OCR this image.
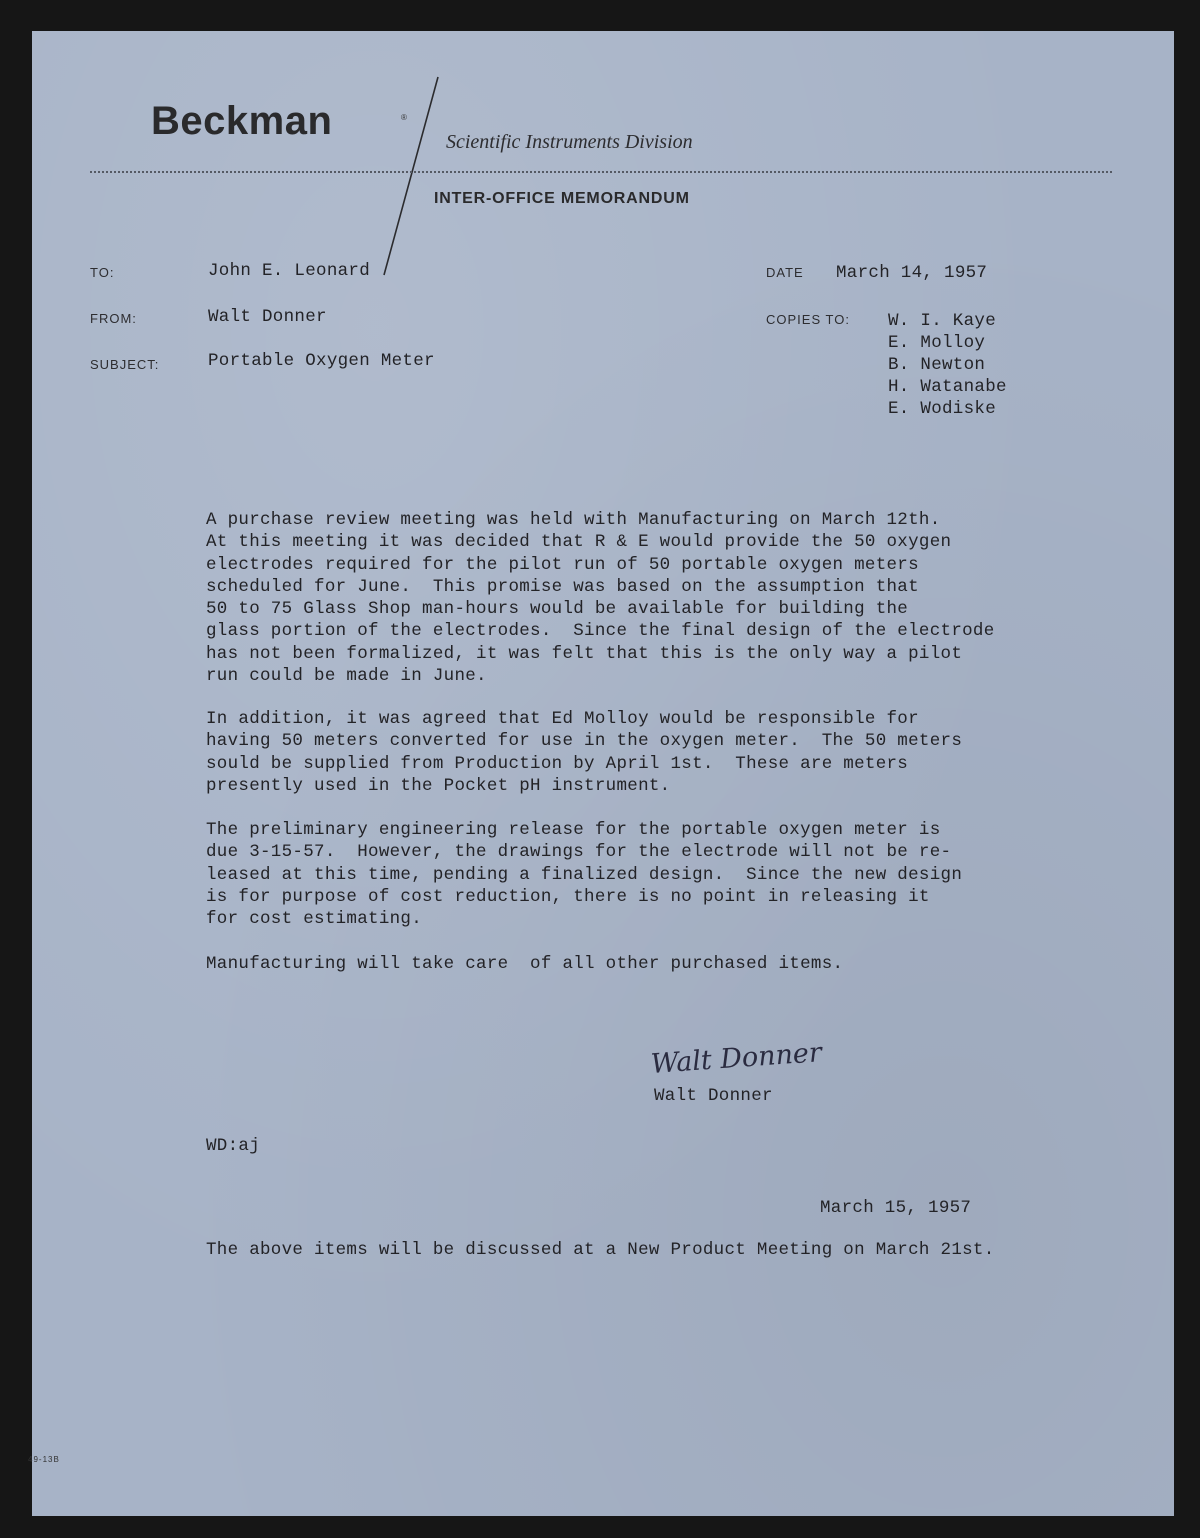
Beckman	®
Scientific Instruments Division
INTER-OFFICE MEMORANDUM
TO:	John E. Leonard
FROM:	Walt Donner
SUBJECT:	Portable Oxygen Meter
DATE March 14, 1957
COPIES TO: W. I. Kaye
E. Molloy
B. Newton
H. Watanabe
E. Wodiske
A purchase review meeting was held with Manufacturing on March 12th.
At this meeting it was decided that R & E would provide the 50 oxygen
electrodes required for the pilot run of 50 portable oxygen meters
scheduled for June.  This promise was based on the assumption that
50 to 75 Glass Shop man-hours would be available for building the
glass portion of the electrodes.  Since the final design of the electrode
has not been formalized, it was felt that this is the only way a pilot
run could be made in June.
In addition, it was agreed that Ed Molloy would be responsible for
having 50 meters converted for use in the oxygen meter.  The 50 meters
sould be supplied from Production by April 1st.  These are meters
presently used in the Pocket pH instrument.
The preliminary engineering release for the portable oxygen meter is
due 3-15-57.  However, the drawings for the electrode will not be re-
leased at this time, pending a finalized design.  Since the new design
is for purpose of cost reduction, there is no point in releasing it
for cost estimating.
Manufacturing will take care  of all other purchased items.
Walt Donner
Walt Donner
WD:aj
March 15, 1957
The above items will be discussed at a New Product Meeting on March 21st.
49-13B
